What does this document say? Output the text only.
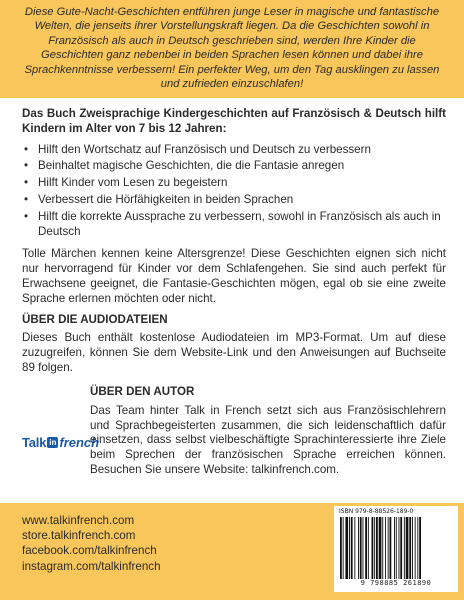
Diese Gute-Nacht-Geschichten entführen junge Leser in magische und fantastische Welten, die jenseits ihrer Vorstellungskraft liegen. Da die Geschichten sowohl in Französisch als auch in Deutsch geschrieben sind, werden Ihre Kinder die Geschichten ganz nebenbei in beiden Sprachen lesen können und dabei ihre Sprachkenntnisse verbessern! Ein perfekter Weg, um den Tag ausklingen zu lassen und zufrieden einzuschlafen!

Das Buch Zweisprachige Kindergeschichten auf Französisch & Deutsch hilft Kindern im Alter von 7 bis 12 Jahren:

• Hilft den Wortschatz auf Französisch und Deutsch zu verbessern
• Beinhaltet magische Geschichten, die die Fantasie anregen
• Hilft Kinder vom Lesen zu begeistern
• Verbessert die Hörfähigkeiten in beiden Sprachen
• Hilft die korrekte Aussprache zu verbessern, sowohl in Französisch als auch in Deutsch

Tolle Märchen kennen keine Altersgrenze! Diese Geschichten eignen sich nicht nur hervorragend für Kinder vor dem Schlafengehen. Sie sind auch perfekt für Erwachsene geeignet, die Fantasie-Geschichten mögen, egal ob sie eine zweite Sprache erlernen möchten oder nicht.

ÜBER DIE AUDIODATEIEN

Dieses Buch enthält kostenlose Audiodateien im MP3-Format. Um auf diese zuzugreifen, können Sie dem Website-Link und den Anweisungen auf Buchseite 89 folgen.

Talk in french

ÜBER DEN AUTOR

Das Team hinter Talk in French setzt sich aus Französischlehrern und Sprachbegeisterten zusammen, die sich leidenschaftlich dafür einsetzen, dass selbst vielbeschäftigte Sprachinteressierte ihre Ziele beim Sprechen der französischen Sprache erreichen können. Besuchen Sie unsere Website: talkinfrench.com.

www.talkinfrench.com
store.talkinfrench.com
facebook.com/talkinfrench
instagram.com/talkinfrench
ISBN 979-8-88526-189-0
9 798885 261890
